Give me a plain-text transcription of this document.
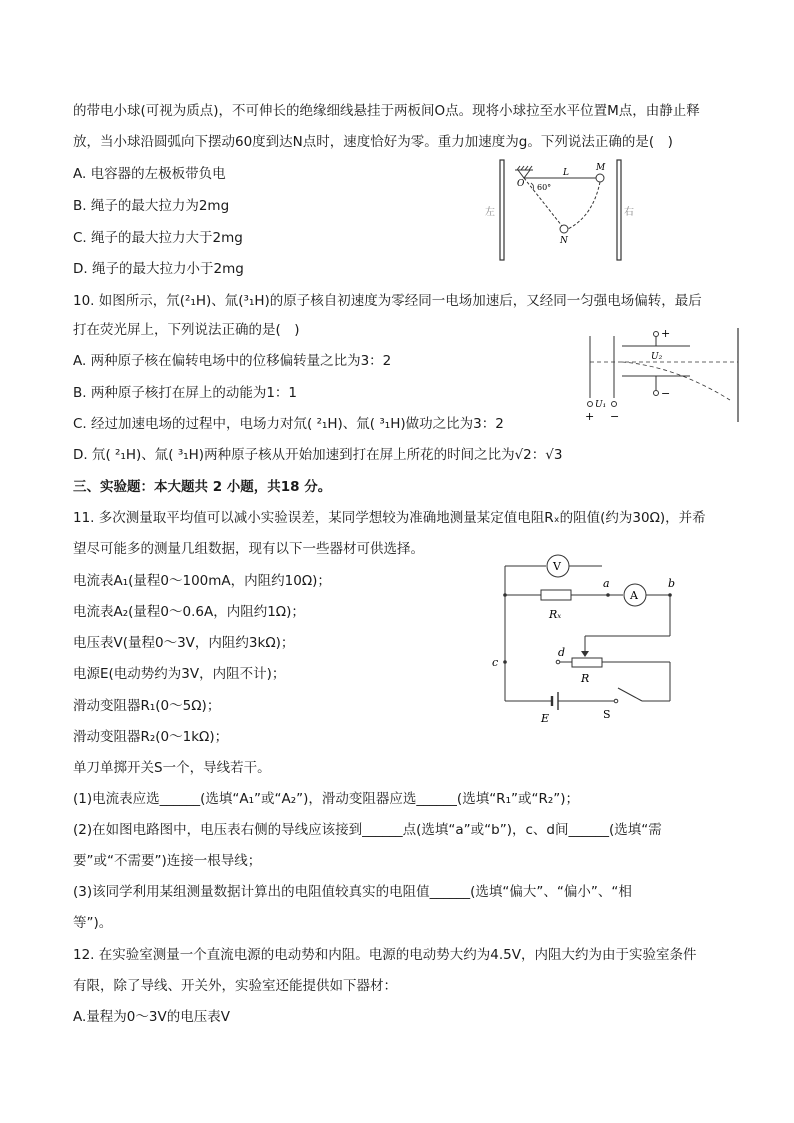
的带电小球(可视为质点)，不可伸长的绝缘细线悬挂于两板间O点。现将小球拉至水平位置M点，由静止释
放，当小球沿圆弧向下摆动60度到达N点时，速度恰好为零。重力加速度为g。下列说法正确的是(　)
A. 电容器的左极板带负电
B. 绳子的最大拉力为2mg
C. 绳子的最大拉力大于2mg
D. 绳子的最大拉力小于2mg
左	右
O 60°
L	M
N
10. 如图所示，氘(²₁H)、氚(³₁H)的原子核自初速度为零经同一电场加速后，又经同一匀强电场偏转，最后
打在荧光屏上，下列说法正确的是(　)
A. 两种原子核在偏转电场中的位移偏转量之比为3：2
B. 两种原子核打在屏上的动能为1：1
C. 经过加速电场的过程中，电场力对氘( ²₁H)、氚( ³₁H)做功之比为3：2
D. 氘( ²₁H)、氚( ³₁H)两种原子核从开始加速到打在屏上所花的时间之比为√2：√3
+
−
U₂
U₁
+ −
三、实验题：本大题共 2 小题，共18 分。
11. 多次测量取平均值可以减小实验误差，某同学想较为准确地测量某定值电阻Rₓ的阻值(约为30Ω)，并希
望尽可能多的测量几组数据，现有以下一些器材可供选择。
电流表A₁(量程0～100mA，内阻约10Ω)；
电流表A₂(量程0～0.6A，内阻约1Ω)；
电压表V(量程0～3V，内阻约3kΩ)；
电源E(电动势约为3V，内阻不计)；
滑动变阻器R₁(0～5Ω)；
滑动变阻器R₂(0～1kΩ)；
单刀单掷开关S一个，导线若干。
(1)电流表应选______(选填“A₁”或“A₂”)，滑动变阻器应选______(选填“R₁”或“R₂”)；
(2)在如图电路图中，电压表右侧的导线应该接到______点(选填“a”或“b”)，c、d间______(选填“需
要”或“不需要”)连接一根导线；
(3)该同学利用某组测量数据计算出的电阻值较真实的电阻值______(选填“偏大”、“偏小”、“相
等”)。
V
A
a	b
Rₓ
c
d
R
E	S
12. 在实验室测量一个直流电源的电动势和内阻。电源的电动势大约为4.5V，内阻大约为由于实验室条件
有限，除了导线、开关外，实验室还能提供如下器材：
A.量程为0～3V的电压表V
